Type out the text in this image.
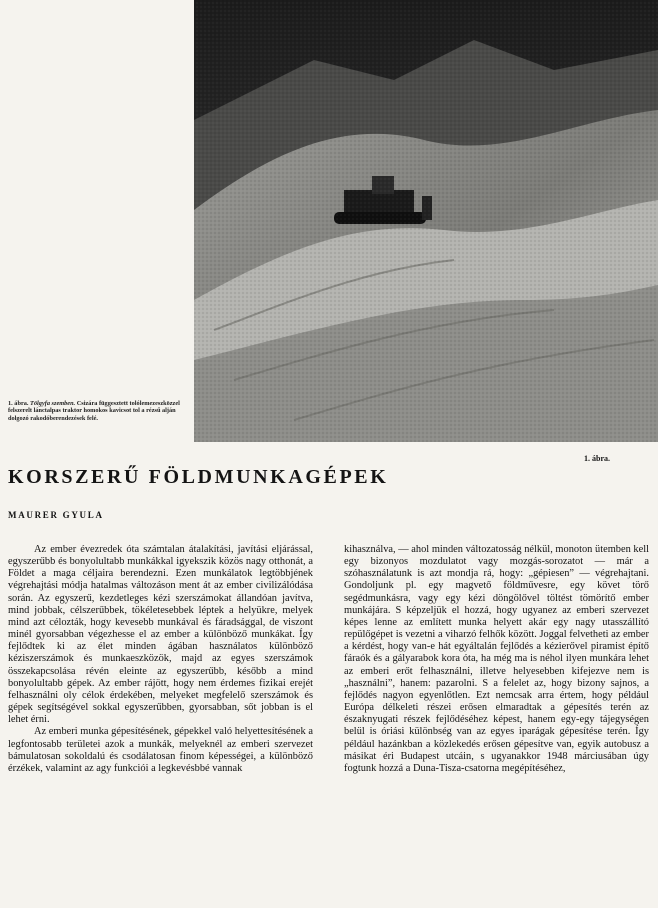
1. ábra. Tölgyfa szemben. Csizára függesztett tolólemezeszközzel felszerelt lánctalpas traktor homokos kavicsot tol a rézsű alján dolgozó rakodóberendezések felé.
1. ábra.
KORSZERŰ FÖLDMUNKAGÉPEK
MAURER GYULA

Az ember évezredek óta számtalan átalakítási, javítási eljárással, egyszerűbb és bonyolultabb munkákkal igyekszik közös nagy otthonát, a Földet a maga céljaira berendezni. Ezen munkálatok legtöbbjének végrehajtási módja hatalmas változáson ment át az ember civilizálódása során. Az egyszerű, kezdetleges kézi szerszámokat állandóan javítva, mind jobbak, célszerűbbek, tökéletesebbek léptek a helyükre, melyek mind azt célozták, hogy kevesebb munkával és fáradsággal, de viszont minél gyorsabban végezhesse el az ember a különböző munkákat. Így fejlődtek ki az élet minden ágában használatos különböző kéziszerszámok és munkaeszközök, majd az egyes szerszámok összekapcsolása révén eleinte az egyszerűbb, később a mind bonyolultabb gépek. Az ember rájött, hogy nem érdemes fizikai erejét felhasználni oly célok érdekében, melyeket megfelelő szerszámok és gépek segítségével sokkal egyszerűbben, gyorsabban, sőt jobban is el lehet érni.

Az emberi munka gépesítésének, gépekkel való helyettesítésének a legfontosabb területei azok a munkák, melyeknél az emberi szervezet bámulatosan sokoldalú és csodálatosan finom képességei, a különböző érzékek, valamint az agy funkciói a legkevésbbé vannak

kihasználva, — ahol minden változatosság nélkül, monoton ütemben kell egy bizonyos mozdulatot vagy mozgás-sorozatot — már a szóhasználatunk is azt mondja rá, hogy: „gépiesen” — végrehajtani. Gondoljunk pl. egy magvető földművesre, egy követ törő segédmunkásra, vagy egy kézi döngölővel töltést tömörítő ember munkájára. S képzeljük el hozzá, hogy ugyanez az emberi szervezet képes lenne az említett munka helyett akár egy nagy utasszállító repülőgépet is vezetni a viharzó felhők között. Joggal felvetheti az ember a kérdést, hogy van-e hát egyáltalán fejlődés a kézierővel piramist építő fáraók és a gályarabok kora óta, ha még ma is néhol ilyen munkára lehet az emberi erőt felhasználni, illetve helyesebben kifejezve nem is „használni”, hanem: pazarolni. S a felelet az, hogy bizony sajnos, a fejlődés nagyon egyenlőtlen. Ezt nemcsak arra értem, hogy például Európa délkeleti részei erősen elmaradtak a gépesítés terén az északnyugati részek fejlődéséhez képest, hanem egy-egy tájegységen belül is óriási különbség van az egyes iparágak gépesítése terén. Így például hazánkban a közlekedés erősen gépesítve van, egyik autobusz a másikat éri Budapest utcáin, s ugyanakkor 1948 márciusában úgy fogtunk hozzá a Duna-Tisza-csatorna megépítéséhez,
